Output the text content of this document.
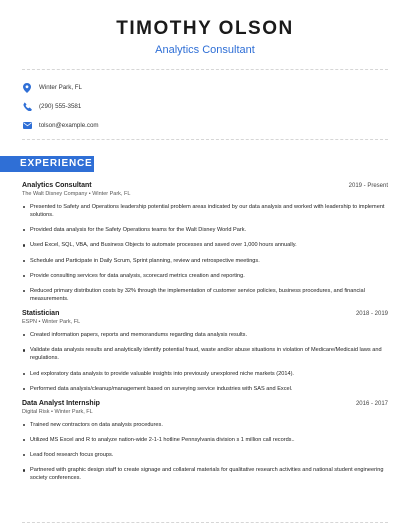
TIMOTHY OLSON
Analytics Consultant
Winter Park, FL
(290) 555-3581
tolson@example.com
EXPERIENCE
Analytics Consultant	2019 - Present
The Walt Disney Company • Winter Park, FL
Presented to Safety and Operations leadership potential problem areas indicated by our data analysis and worked with leadership to implement solutions.
Provided data analysis for the Safety Operations teams for the Walt Disney World Park.
Used Excel, SQL, VBA, and Business Objects to automate processes and saved over 1,000 hours annually.
Schedule and Participate in Daily Scrum, Sprint planning, review and retrospective meetings.
Provide consulting services for data analysis, scorecard metrics creation and reporting.
Reduced primary distribution costs by 32% through the implementation of customer service policies, business procedures, and financial measurements.
Statistician	2018 - 2019
ESPN • Winter Park, FL
Created information papers, reports and memorandums regarding data analysis results.
Validate data analysis results and analytically identify potential fraud, waste and/or abuse situations in violation of Medicare/Medicaid laws and regulations.
Led exploratory data analysis to provide valuable insights into previously unexplored niche markets (2014).
Performed data analysis/cleanup/management based on surveying service industries with SAS and Excel.
Data Analyst Internship	2016 - 2017
Digital Risk • Winter Park, FL
Trained new contractors on data analysis procedures.
Utilized MS Excel and R to analyze nation-wide 2-1-1 hotline Pennsylvania division s 1 million call records..
Lead food research focus groups.
Partnered with graphic design staff to create signage and collateral materials for qualitative research activities and national student engineering society conferences.
